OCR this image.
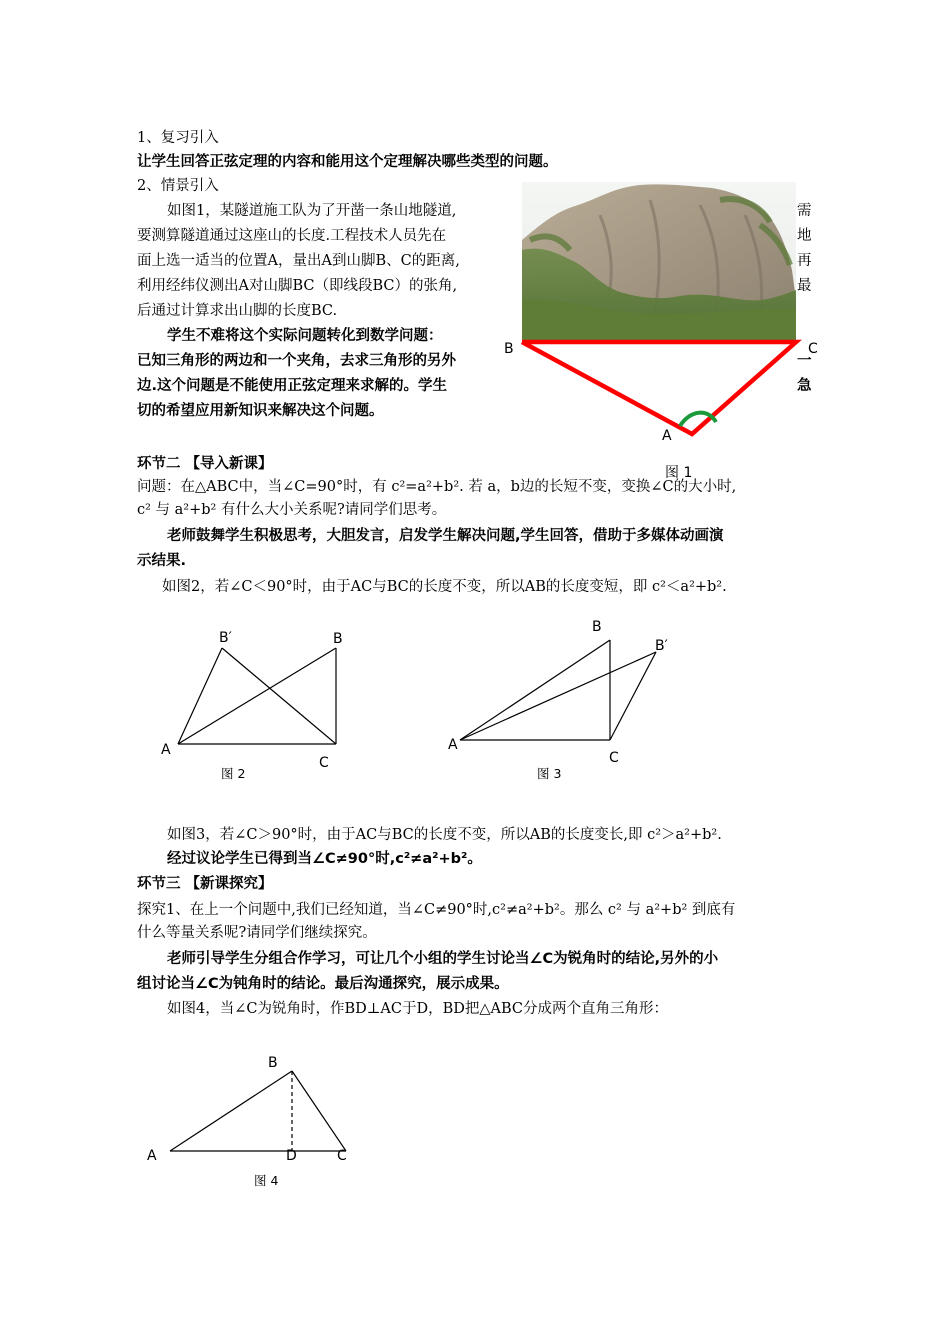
1、复习引入
让学生回答正弦定理的内容和能用这个定理解决哪些类型的问题。
2、情景引入
如图1，某隧道施工队为了开凿一条山地隧道,	需
要测算隧道通过这座山的长度.工程技术人员先在	地
面上选一适当的位置A，量出A到山脚B、C的距离,	再
利用经纬仪测出A对山脚BC（即线段BC）的张角,	最
后通过计算求出山脚的长度BC.
学生不难将这个实际问题转化到数学问题：
已知三角形的两边和一个夹角，去求三角形的另外	一
边.这个问题是不能使用正弦定理来求解的。学生	急
切的希望应用新知识来解决这个问题。
B	C
A
图 1
环节二 【导入新课】
问题：在△ABC中，当∠C=90°时，有 c²=a²+b². 若 a，b边的长短不变，变换∠C的大小时,
c² 与 a²+b² 有什么大小关系呢?请同学们思考。
老师鼓舞学生积极思考，大胆发言，启发学生解决问题,学生回答，借助于多媒体动画演
示结果.
如图2，若∠C＜90°时，由于AC与BC的长度不变，所以AB的长度变短，即 c²＜a²+b².
B′	B
A
C
图 2
B
B′
A
C
图 3
如图3，若∠C＞90°时，由于AC与BC的长度不变，所以AB的长度变长,即 c²＞a²+b².
经过议论学生已得到当∠C≠90°时,c²≠a²+b²。
环节三 【新课探究】
探究1、在上一个问题中,我们已经知道，当∠C≠90°时,c²≠a²+b²。那么 c² 与 a²+b² 到底有
什么等量关系呢?请同学们继续探究。
老师引导学生分组合作学习，可让几个小组的学生讨论当∠C为锐角时的结论,另外的小
组讨论当∠C为钝角时的结论。最后沟通探究，展示成果。
如图4，当∠C为锐角时，作BD⊥AC于D，BD把△ABC分成两个直角三角形：
B
A	D	C
图 4
